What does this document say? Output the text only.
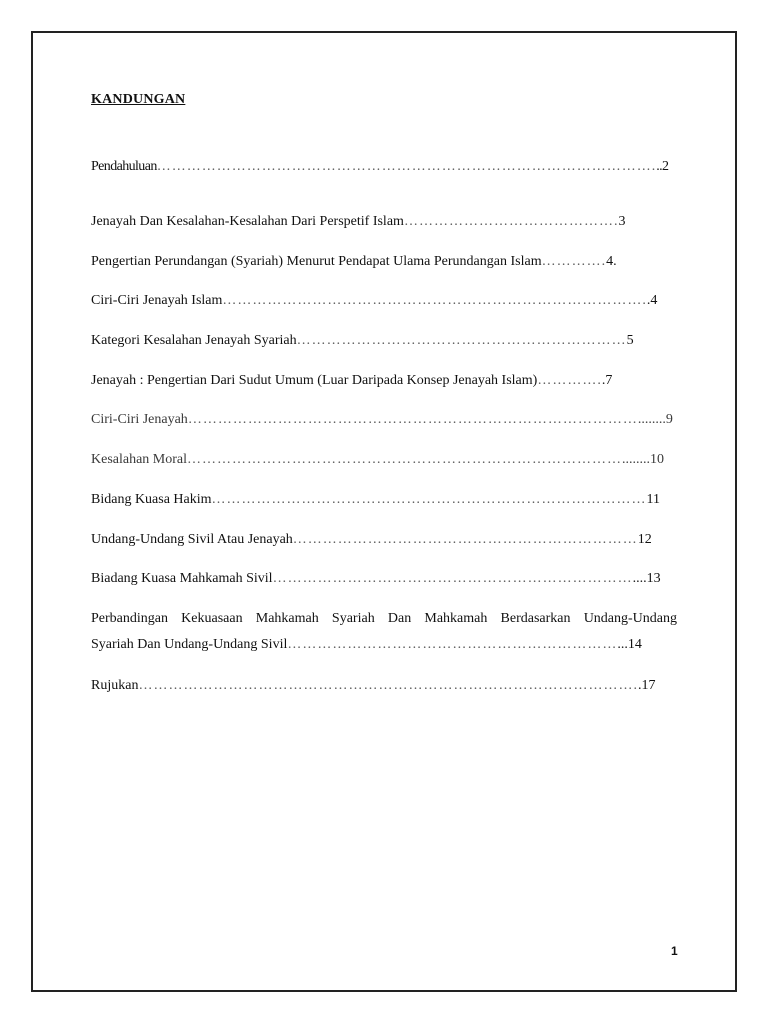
KANDUNGAN
Pendahuluan………………………………………………………………………………………...2
Jenayah Dan Kesalahan-Kesalahan Dari Perspetif Islam…………………………………….3
Pengertian Perundangan (Syariah) Menurut Pendapat Ulama Perundangan Islam………….4.
Ciri-Ciri Jenayah Islam…………………………………………………………………………..4
Kategori Kesalahan Jenayah Syariah…………………………………………………………5
Jenayah : Pengertian Dari Sudut Umum (Luar Daripada Konsep Jenayah Islam)…………..7
Ciri-Ciri Jenayah………………………………………………………………………………........9
Kesalahan Moral……………………………………………………………………………........10
Bidang Kuasa Hakim……………………………………………………………………………11
Undang-Undang Sivil Atau Jenayah……………………………………………………………12
Biadang Kuasa Mahkamah Sivil………………………………………………………………....13
Perbandingan Kekuasaan Mahkamah Syariah Dan Mahkamah Berdasarkan Undang-Undang
Syariah Dan Undang-Undang Sivil…………………………………………………………...14
Rujukan………………………………………………………………………………………..17
1
